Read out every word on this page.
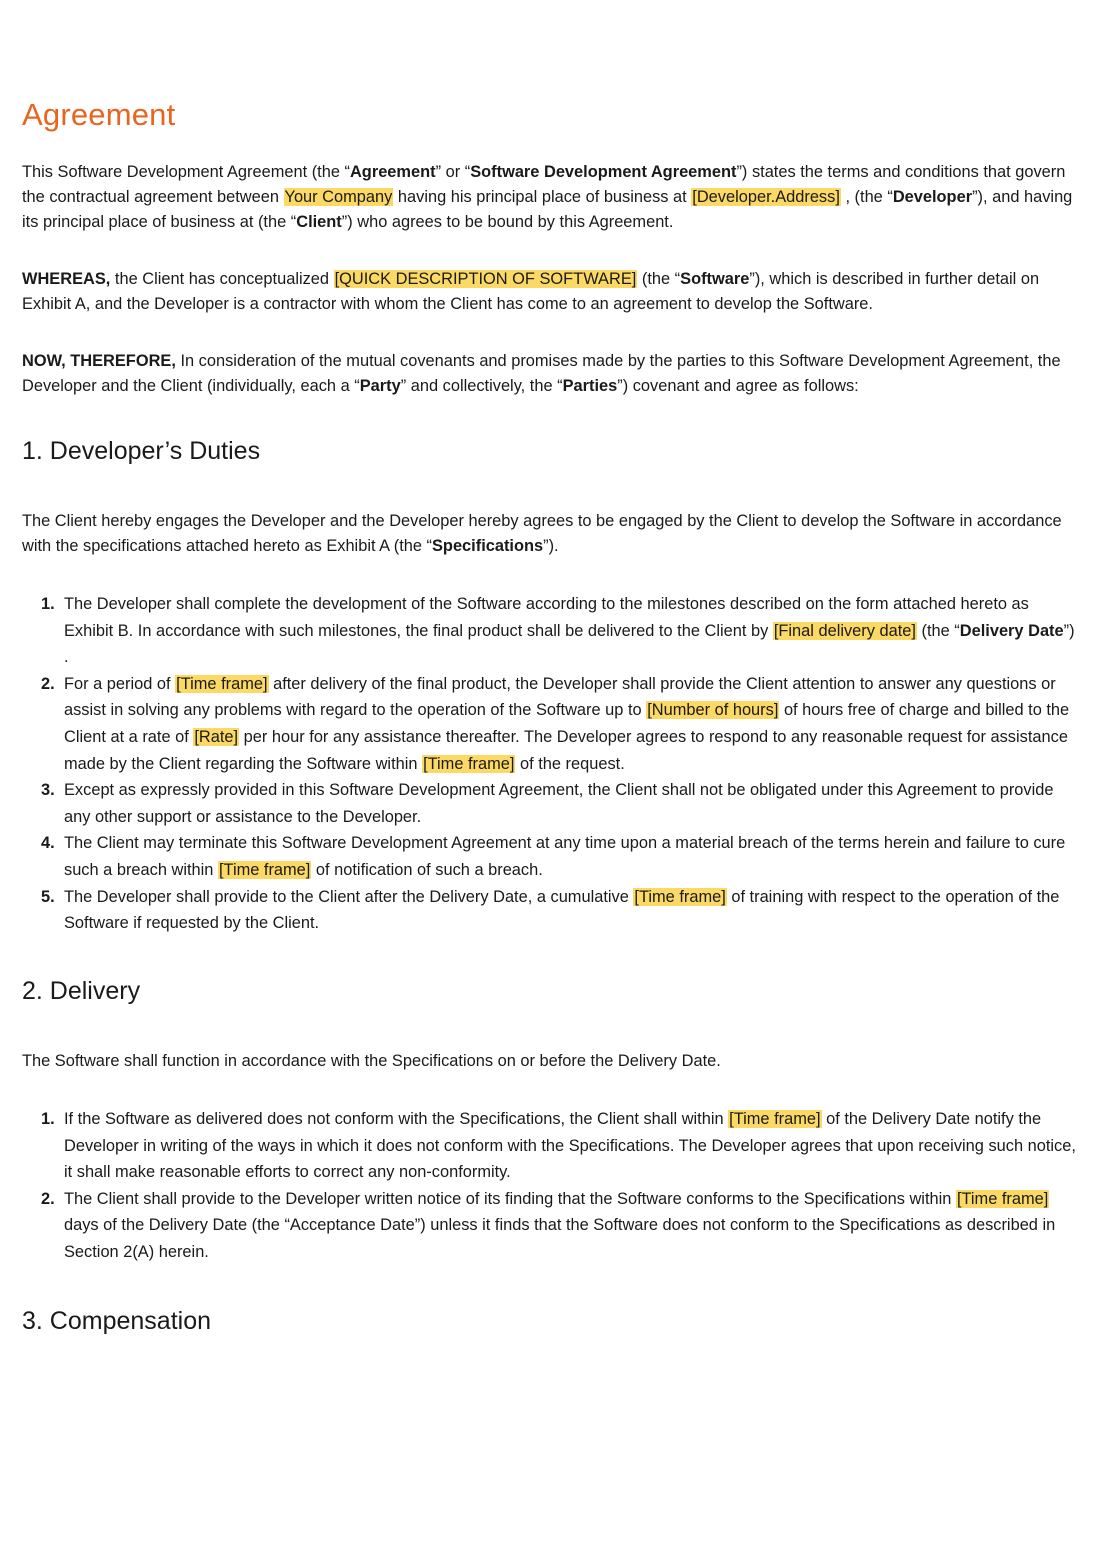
Agreement

This Software Development Agreement (the “Agreement” or “Software Development Agreement”) states the terms and conditions that govern the contractual agreement between Your Company having his principal place of business at [Developer.Address] , (the “Developer”), and having its principal place of business at (the “Client”) who agrees to be bound by this Agreement.

WHEREAS, the Client has conceptualized [QUICK DESCRIPTION OF SOFTWARE] (the “Software”), which is described in further detail on Exhibit A, and the Developer is a contractor with whom the Client has come to an agreement to develop the Software.

NOW, THEREFORE, In consideration of the mutual covenants and promises made by the parties to this Software Development Agreement, the Developer and the Client (individually, each a “Party” and collectively, the “Parties”) covenant and agree as follows:

1. Developer’s Duties

The Client hereby engages the Developer and the Developer hereby agrees to be engaged by the Client to develop the Software in accordance with the specifications attached hereto as Exhibit A (the “Specifications”).

1. The Developer shall complete the development of the Software according to the milestones described on the form attached hereto as Exhibit B. In accordance with such milestones, the final product shall be delivered to the Client by [Final delivery date] (the “Delivery Date”) .
2. For a period of [Time frame] after delivery of the final product, the Developer shall provide the Client attention to answer any questions or assist in solving any problems with regard to the operation of the Software up to [Number of hours] of hours free of charge and billed to the Client at a rate of [Rate] per hour for any assistance thereafter. The Developer agrees to respond to any reasonable request for assistance made by the Client regarding the Software within [Time frame] of the request.
3. Except as expressly provided in this Software Development Agreement, the Client shall not be obligated under this Agreement to provide any other support or assistance to the Developer.
4. The Client may terminate this Software Development Agreement at any time upon a material breach of the terms herein and failure to cure such a breach within [Time frame] of notification of such a breach.
5. The Developer shall provide to the Client after the Delivery Date, a cumulative [Time frame] of training with respect to the operation of the Software if requested by the Client.
2. Delivery

The Software shall function in accordance with the Specifications on or before the Delivery Date.

1. If the Software as delivered does not conform with the Specifications, the Client shall within [Time frame] of the Delivery Date notify the Developer in writing of the ways in which it does not conform with the Specifications. The Developer agrees that upon receiving such notice, it shall make reasonable efforts to correct any non-conformity.
2. The Client shall provide to the Developer written notice of its finding that the Software conforms to the Specifications within [Time frame] days of the Delivery Date (the “Acceptance Date”) unless it finds that the Software does not conform to the Specifications as described in Section 2(A) herein.
3. Compensation
